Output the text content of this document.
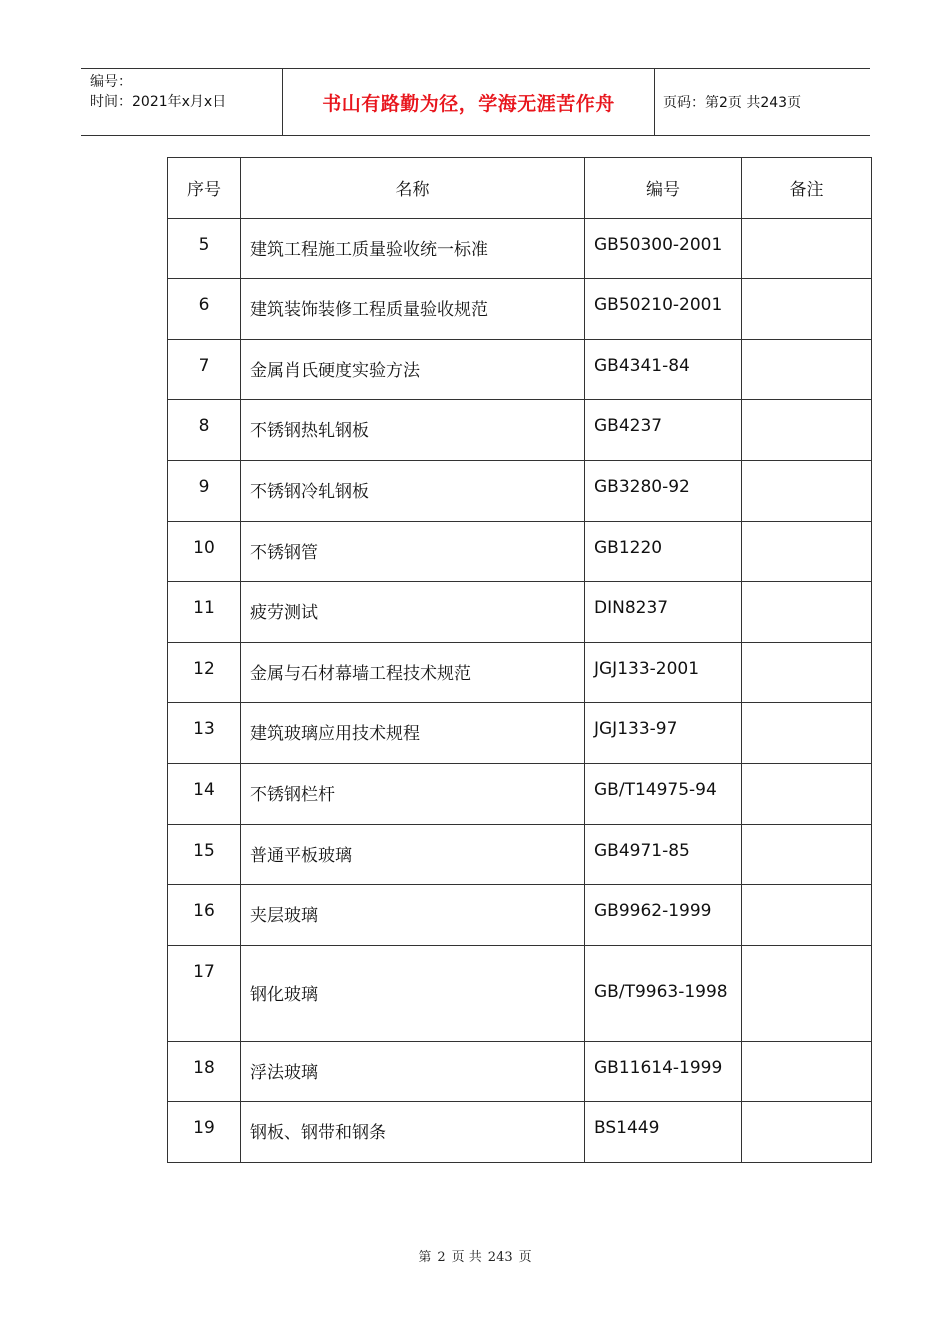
编号：
时间：2021年x月x日	书山有路勤为径，学海无涯苦作舟	页码：第2页 共243页
序号	名称	编号	备注
5	建筑工程施工质量验收统一标准	GB50300-2001	
6	建筑装饰装修工程质量验收规范	GB50210-2001	
7	金属肖氏硬度实验方法	GB4341-84	
8	不锈钢热轧钢板	GB4237	
9	不锈钢冷轧钢板	GB3280-92	
10	不锈钢管	GB1220	
11	疲劳测试	DIN8237	
12	金属与石材幕墙工程技术规范	JGJ133-2001	
13	建筑玻璃应用技术规程	JGJ133-97	
14	不锈钢栏杆	GB/T14975-94	
15	普通平板玻璃	GB4971-85	
16	夹层玻璃	GB9962-1999	
17	钢化玻璃	GB/T9963-1998	
18	浮法玻璃	GB11614-1999	
19	钢板、钢带和钢条	BS1449	
第 2 页 共 243 页
